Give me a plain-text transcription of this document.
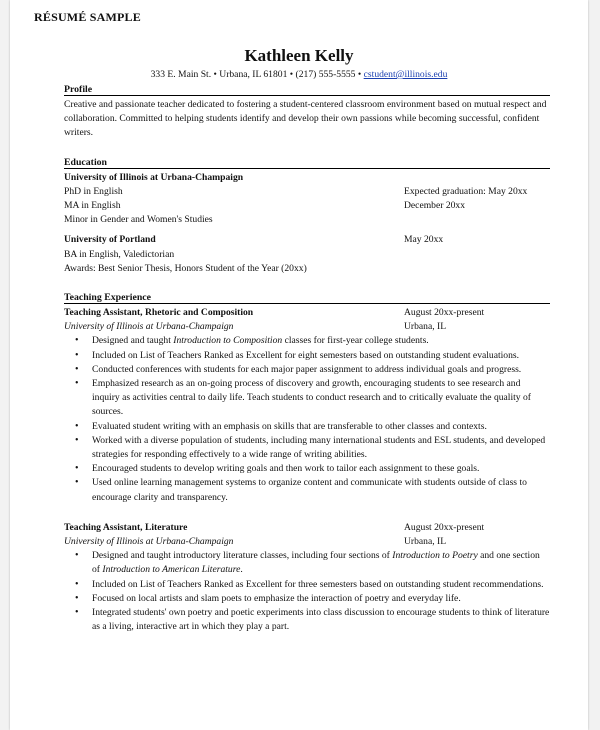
RÉSUMÉ SAMPLE
Kathleen Kelly
333 E. Main St. • Urbana, IL 61801 • (217) 555-5555 • cstudent@illinois.edu
Profile

Creative and passionate teacher dedicated to fostering a student-centered classroom environment based on mutual respect and collaboration. Committed to helping students identify and develop their own passions while becoming successful, confident writers.

Education
University of Illinois at Urbana-Champaign
PhD in English	Expected graduation: May 20xx
MA in English	December 20xx
Minor in Gender and Women's Studies
University of Portland	May 20xx
BA in English, Valedictorian
Awards: Best Senior Thesis, Honors Student of the Year (20xx)
Teaching Experience
Teaching Assistant, Rhetoric and Composition	August 20xx-present
University of Illinois at Urbana-Champaign	Urbana, IL
• Designed and taught Introduction to Composition classes for first-year college students.
• Included on List of Teachers Ranked as Excellent for eight semesters based on outstanding student evaluations.
• Conducted conferences with students for each major paper assignment to address individual goals and progress.
• Emphasized research as an on-going process of discovery and growth, encouraging students to see research and inquiry as activities central to daily life. Teach students to conduct research and to critically evaluate the quality of sources.
• Evaluated student writing with an emphasis on skills that are transferable to other classes and contexts.
• Worked with a diverse population of students, including many international students and ESL students, and developed strategies for responding effectively to a wide range of writing abilities.
• Encouraged students to develop writing goals and then work to tailor each assignment to these goals.
• Used online learning management systems to organize content and communicate with students outside of class to encourage clarity and transparency.
Teaching Assistant, Literature	August 20xx-present
University of Illinois at Urbana-Champaign	Urbana, IL
• Designed and taught introductory literature classes, including four sections of Introduction to Poetry and one section of Introduction to American Literature.
• Included on List of Teachers Ranked as Excellent for three semesters based on outstanding student recommendations.
• Focused on local artists and slam poets to emphasize the interaction of poetry and everyday life.
• Integrated students' own poetry and poetic experiments into class discussion to encourage students to think of literature as a living, interactive art in which they play a part.
